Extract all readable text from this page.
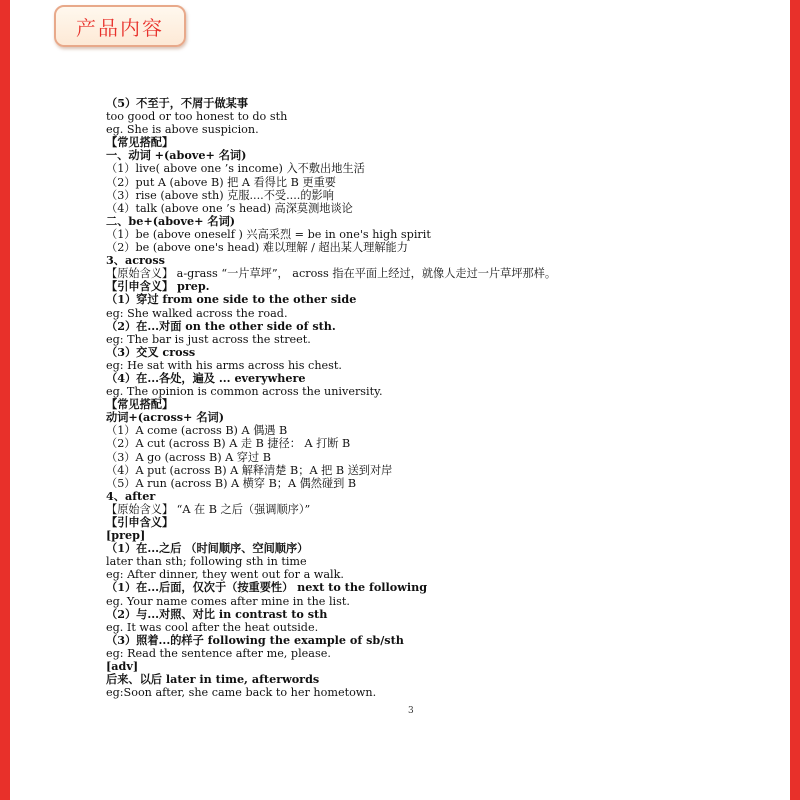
产品内容
（5）不至于，不屑于做某事
too good or too honest to do sth
eg. She is above suspicion.
【常见搭配】
一、动词 +(above+ 名词)
（1）live( above one ’s income) 入不敷出地生活
（2）put A (above B) 把 A 看得比 B 更重要
（3）rise (above sth) 克服....不受....的影响
（4）talk (above one ’s head) 高深莫测地谈论
二、be+(above+ 名词)
（1）be (above oneself ) 兴高采烈 = be in one's high spirit
（2）be (above one's head) 难以理解 / 超出某人理解能力
3、across
【原始含义】 a-grass “一片草坪”， across 指在平面上经过，就像人走过一片草坪那样。
【引申含义】 prep.
（1）穿过 from one side to the other side
eg: She walked across the road.
（2）在...对面 on the other side of sth.
eg: The bar is just across the street.
（3）交叉 cross
eg: He sat with his arms across his chest.
（4）在...各处，遍及 ... everywhere
eg. The opinion is common across the university.
【常见搭配】
动词+(across+ 名词)
（1）A come (across B) A 偶遇 B
（2）A cut (across B) A 走 B 捷径： A 打断 B
（3）A go (across B) A 穿过 B
（4）A put (across B) A 解释清楚 B；A 把 B 送到对岸
（5）A run (across B) A 横穿 B；A 偶然碰到 B
4、after
【原始含义】 “A 在 B 之后（强调顺序）”
【引申含义】
[prep]
（1）在...之后 （时间顺序、空间顺序）
later than sth; following sth in time
eg: After dinner, they went out for a walk.
（1）在...后面，仅次于（按重要性） next to the following
eg. Your name comes after mine in the list.
（2）与...对照、对比 in contrast to sth
eg. It was cool after the heat outside.
（3）照着...的样子 following the example of sb/sth
eg: Read the sentence after me, please.
[adv]
后来、以后 later in time, afterwords
eg:Soon after, she came back to her hometown.
3
